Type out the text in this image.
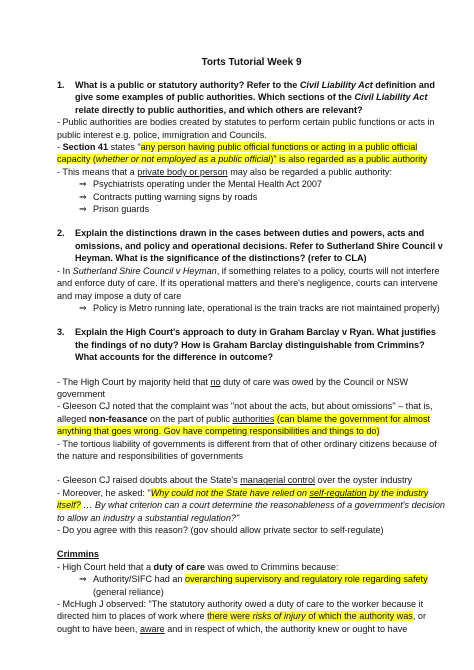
Torts Tutorial Week 9

1.	What is a public or statutory authority? Refer to the Civil Liability Act definition and give some examples of public authorities. Which sections of the Civil Liability Act relate directly to public authorities, and which others are relevant?

- Public authorities are bodies created by statutes to perform certain public functions or acts in public interest e.g. police, immigration and Councils.

- Section 41 states "any person having public official functions or acting in a public official capacity (whether or not employed as a public official)" is also regarded as a public authority

- This means that a private body or person may also be regarded a public authority:

⇒ Psychiatrists operating under the Mental Health Act 2007

⇒ Contracts putting warning signs by roads

⇒ Prison guards

2.	Explain the distinctions drawn in the cases between duties and powers, acts and omissions, and policy and operational decisions. Refer to Sutherland Shire Council v Heyman. What is the significance of the distinctions? (refer to CLA)

- In Sutherland Shire Council v Heyman, if something relates to a policy, courts will not interfere and enforce duty of care. If its operational matters and there's negligence, courts can intervene and may impose a duty of care

⇒ Policy is Metro running late, operational is the train tracks are not maintained properly)

3.	Explain the High Court's approach to duty in Graham Barclay v Ryan. What justifies the findings of no duty? How is Graham Barclay distinguishable from Crimmins? What accounts for the difference in outcome?

- The High Court by majority held that no duty of care was owed by the Council or NSW government

- Gleeson CJ noted that the complaint was "not about the acts, but about omissions" – that is, alleged non-feasance on the part of public authorities (can blame the government for almost anything that goes wrong. Gov have competing responsibilities and things to do)

- The tortious liability of governments is different from that of other ordinary citizens because of the nature and responsibilities of governments

- Gleeson CJ raised doubts about the State's managerial control over the oyster industry

- Moreover, he asked: "Why could not the State have relied on self-regulation by the industry itself? … By what criterion can a court determine the reasonableness of a government's decision to allow an industry a substantial regulation?"

- Do you agree with this reason? (gov should allow private sector to self-regulate)

Crimmins

- High Court held that a duty of care was owed to Crimmins because:

⇒ Authority/SIFC had an overarching supervisory and regulatory role regarding safety (general reliance)

- McHugh J observed: "The statutory authority owed a duty of care to the worker because it directed him to places of work where there were risks of injury of which the authority was, or ought to have been, aware and in respect of which, the authority knew or ought to have
